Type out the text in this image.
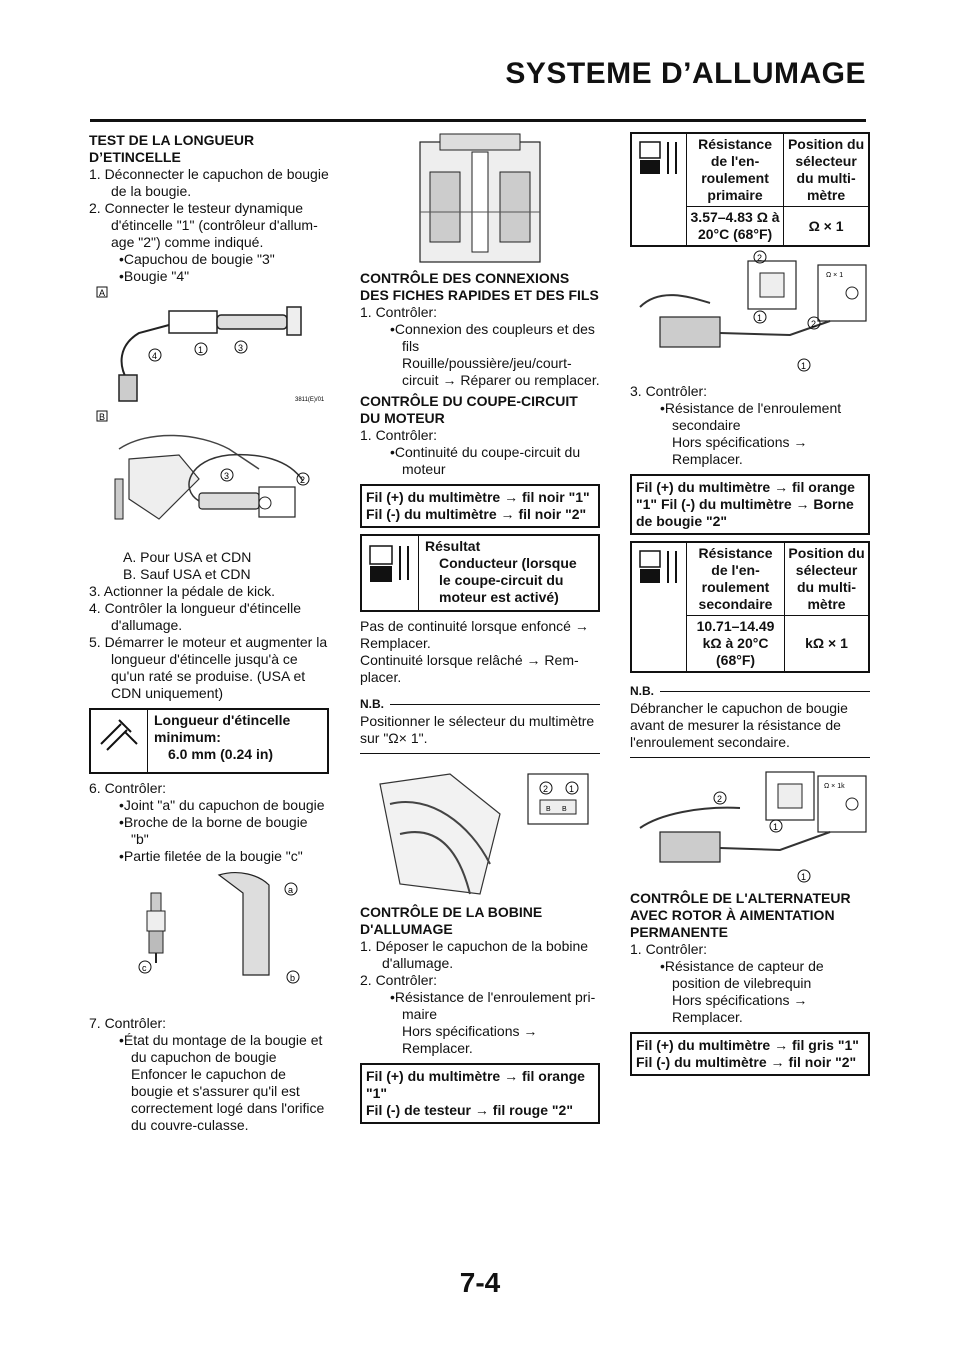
SYSTEME D’ALLUMAGE
TEST DE LA LONGUEUR D’ETINCELLE

1. Déconnecter le capuchon de bougie de la bougie.

2. Connecter le testeur dynamique d'étincelle "1" (contrôleur d'allumage "2") comme indiqué.

•Capuchou de bougie "3"

•Bougie "4"

A
1	3
4
3811(E)/01
B
3	2

A. Pour USA et CDN

B. Sauf USA et CDN

3. Actionner la pédale de kick.

4. Contrôler la longueur d'étincelle d'allumage.

5. Démarrer le moteur et augmenter la longueur d'étincelle jusqu'à ce qu'un raté se produise. (USA et CDN uniquement)

Longueur d'étincelle minimum:
6.0 mm (0.24 in)

6. Contrôler:

•Joint "a" du capuchon de bougie

•Broche de la borne de bougie "b"

•Partie filetée de la bougie "c"

a
b
c

7. Contrôler:

•État du montage de la bougie et du capuchon de bougie

Enfoncer le capuchon de bougie et s'assurer qu'il est correctement logé dans l'orifice du couvre-culasse.

CONTRÔLE DES CONNEXIONS DES FICHES RAPIDES ET DES FILS

1. Contrôler:

•Connexion des coupleurs et des fils

Rouille/poussière/jeu/court-circuit → Réparer ou remplacer.

CONTRÔLE DU COUPE-CIRCUIT DU MOTEUR

1. Contrôler:

•Continuité du coupe-circuit du moteur

Fil (+) du multimètre → fil noir "1"
Fil (-) du multimètre → fil noir "2"
Résultat
Conducteur (lorsque le coupe-circuit du moteur est activé)

Pas de continuité lorsque enfoncé → Remplacer.

Continuité lorsque relâché → Remplacer.

N.B.

Positionner le sélecteur du multimètre sur "Ω× 1".

2 1
B B
CONTRÔLE DE LA BOBINE D'ALLUMAGE

1. Déposer le capuchon de la bobine d'allumage.

2. Contrôler:

•Résistance de l'enroulement primaire

Hors spécifications → Remplacer.

Fil (+) du multimètre → fil orange "1"
Fil (-) de testeur → fil rouge "2"
	Résistance de l'enroulement primaire	Position du sélecteur du multimètre
	3.57–4.83 Ω à 20°C (68°F)	Ω × 1
Ω × 1
2
1
2
1

3. Contrôler:

•Résistance de l'enroulement secondaire

Hors spécifications → Remplacer.

Fil (+) du multimètre → fil orange "1" Fil (-) du multimètre → Borne de bougie "2"
	Résistance de l'enroulement secondaire	Position du sélecteur du multimètre
	10.71–14.49 kΩ à 20°C (68°F)	kΩ × 1
N.B.

Débrancher le capuchon de bougie avant de mesurer la résistance de l'enroulement secondaire.

Ω × 1k
2
1
1
CONTRÔLE DE L'ALTERNATEUR AVEC ROTOR À AIMENTATION PERMANENTE

1. Contrôler:

•Résistance de capteur de position de vilebrequin

Hors spécifications → Remplacer.

Fil (+) du multimètre → fil gris "1"
Fil (-) du multimètre → fil noir "2"
7-4
